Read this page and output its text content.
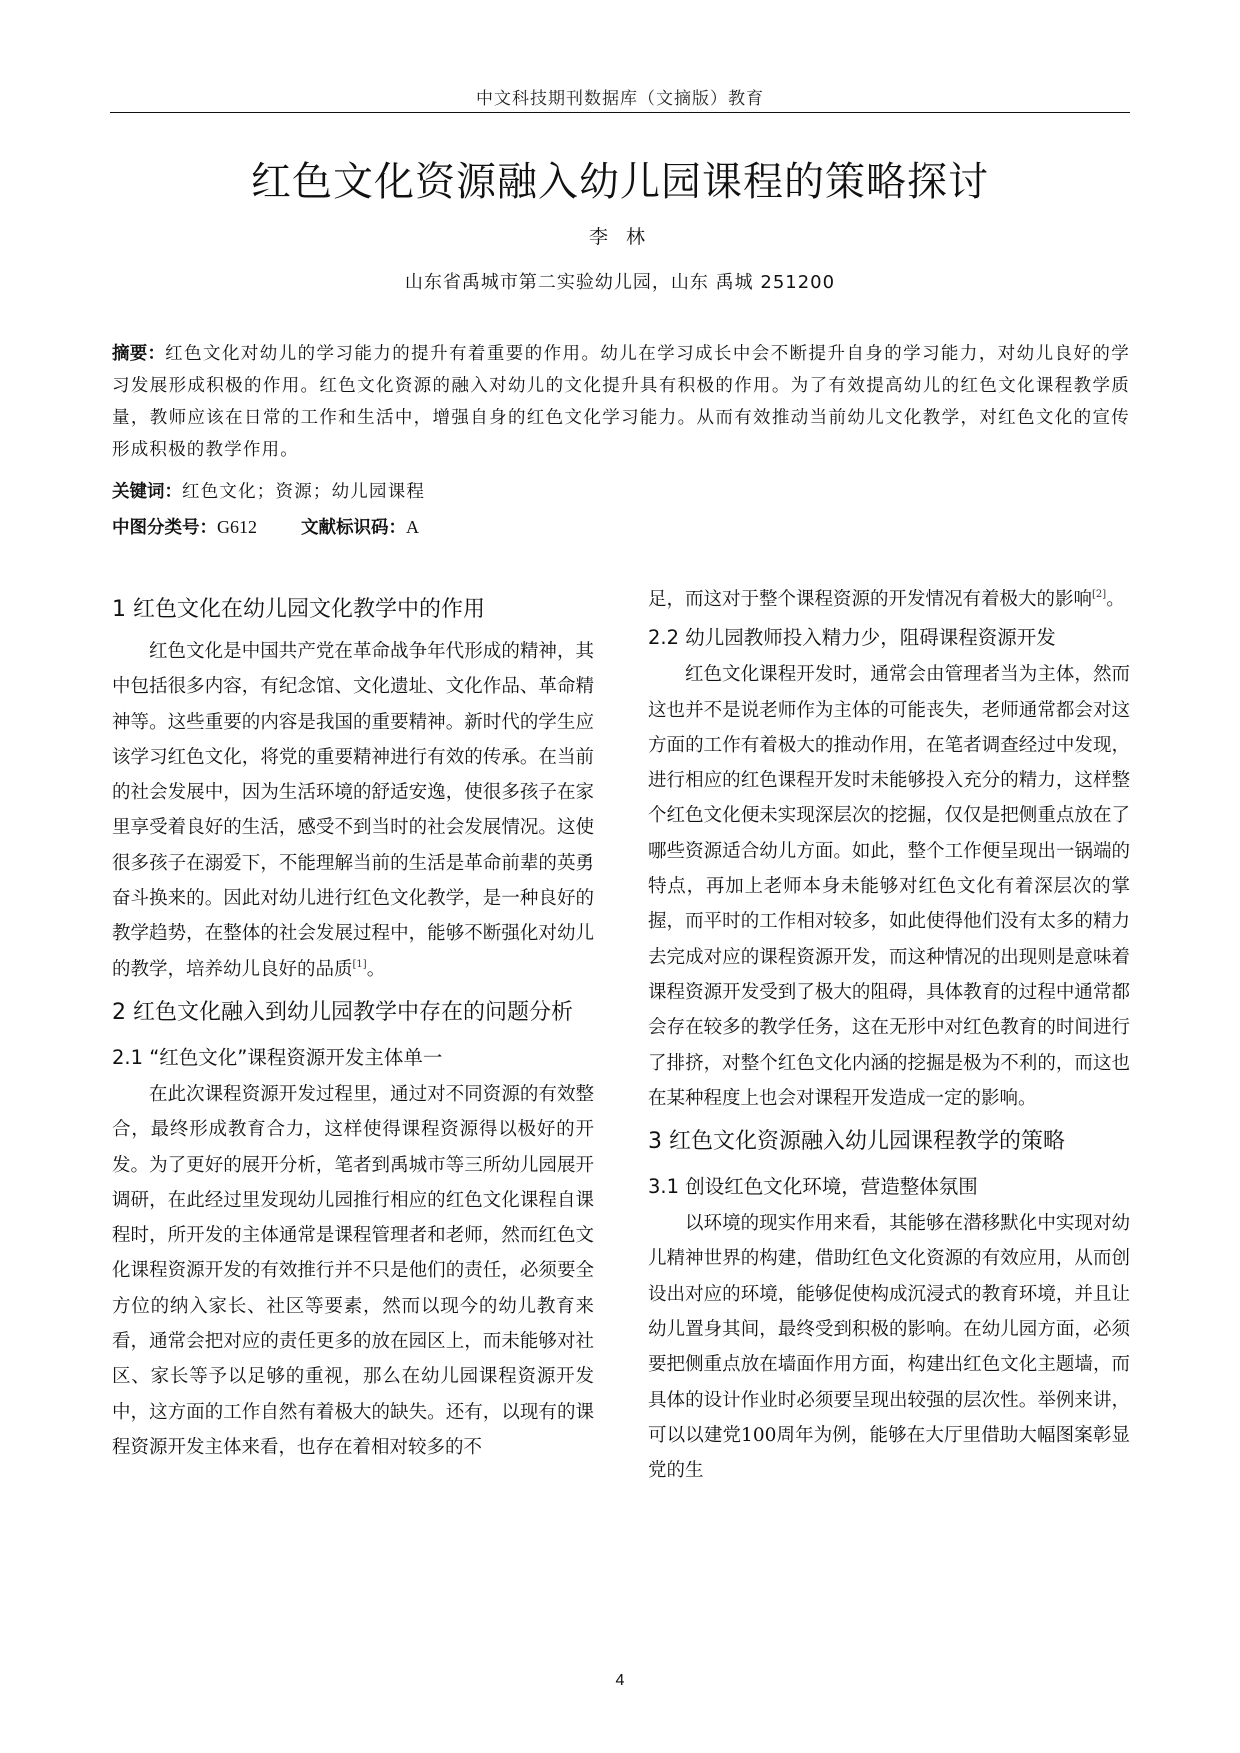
中文科技期刊数据库（文摘版）教育
红色文化资源融入幼儿园课程的策略探讨
李 林
山东省禹城市第二实验幼儿园，山东 禹城 251200
摘要：红色文化对幼儿的学习能力的提升有着重要的作用。幼儿在学习成长中会不断提升自身的学习能力，对幼儿良好的学习发展形成积极的作用。红色文化资源的融入对幼儿的文化提升具有积极的作用。为了有效提高幼儿的红色文化课程教学质量，教师应该在日常的工作和生活中，增强自身的红色文化学习能力。从而有效推动当前幼儿文化教学，对红色文化的宣传形成积极的教学作用。
关键词：红色文化；资源；幼儿园课程
中图分类号：G612	文献标识码：A
1 红色文化在幼儿园文化教学中的作用

红色文化是中国共产党在革命战争年代形成的精神，其中包括很多内容，有纪念馆、文化遗址、文化作品、革命精神等。这些重要的内容是我国的重要精神。新时代的学生应该学习红色文化，将党的重要精神进行有效的传承。在当前的社会发展中，因为生活环境的舒适安逸，使很多孩子在家里享受着良好的生活，感受不到当时的社会发展情况。这使很多孩子在溺爱下，不能理解当前的生活是革命前辈的英勇奋斗换来的。因此对幼儿进行红色文化教学，是一种良好的教学趋势，在整体的社会发展过程中，能够不断强化对幼儿的教学，培养幼儿良好的品质[1]。

2 红色文化融入到幼儿园教学中存在的问题分析
2.1 “红色文化”课程资源开发主体单一

在此次课程资源开发过程里，通过对不同资源的有效整合，最终形成教育合力，这样使得课程资源得以极好的开发。为了更好的展开分析，笔者到禹城市等三所幼儿园展开调研，在此经过里发现幼儿园推行相应的红色文化课程自课程时，所开发的主体通常是课程管理者和老师，然而红色文化课程资源开发的有效推行并不只是他们的责任，必须要全方位的纳入家长、社区等要素，然而以现今的幼儿教育来看，通常会把对应的责任更多的放在园区上，而未能够对社区、家长等予以足够的重视，那么在幼儿园课程资源开发中，这方面的工作自然有着极大的缺失。还有，以现有的课程资源开发主体来看，也存在着相对较多的不

足，而这对于整个课程资源的开发情况有着极大的影响[2]。

2.2 幼儿园教师投入精力少，阻碍课程资源开发

红色文化课程开发时，通常会由管理者当为主体，然而这也并不是说老师作为主体的可能丧失，老师通常都会对这方面的工作有着极大的推动作用，在笔者调查经过中发现，进行相应的红色课程开发时未能够投入充分的精力，这样整个红色文化便未实现深层次的挖掘，仅仅是把侧重点放在了哪些资源适合幼儿方面。如此，整个工作便呈现出一锅端的特点，再加上老师本身未能够对红色文化有着深层次的掌握，而平时的工作相对较多，如此使得他们没有太多的精力去完成对应的课程资源开发，而这种情况的出现则是意味着课程资源开发受到了极大的阻碍，具体教育的过程中通常都会存在较多的教学任务，这在无形中对红色教育的时间进行了排挤，对整个红色文化内涵的挖掘是极为不利的，而这也在某种程度上也会对课程开发造成一定的影响。

3 红色文化资源融入幼儿园课程教学的策略
3.1 创设红色文化环境，营造整体氛围

以环境的现实作用来看，其能够在潜移默化中实现对幼儿精神世界的构建，借助红色文化资源的有效应用，从而创设出对应的环境，能够促使构成沉浸式的教育环境，并且让幼儿置身其间，最终受到积极的影响。在幼儿园方面，必须要把侧重点放在墙面作用方面，构建出红色文化主题墙，而具体的设计作业时必须要呈现出较强的层次性。举例来讲，可以以建党100周年为例，能够在大厅里借助大幅图案彰显党的生

4
